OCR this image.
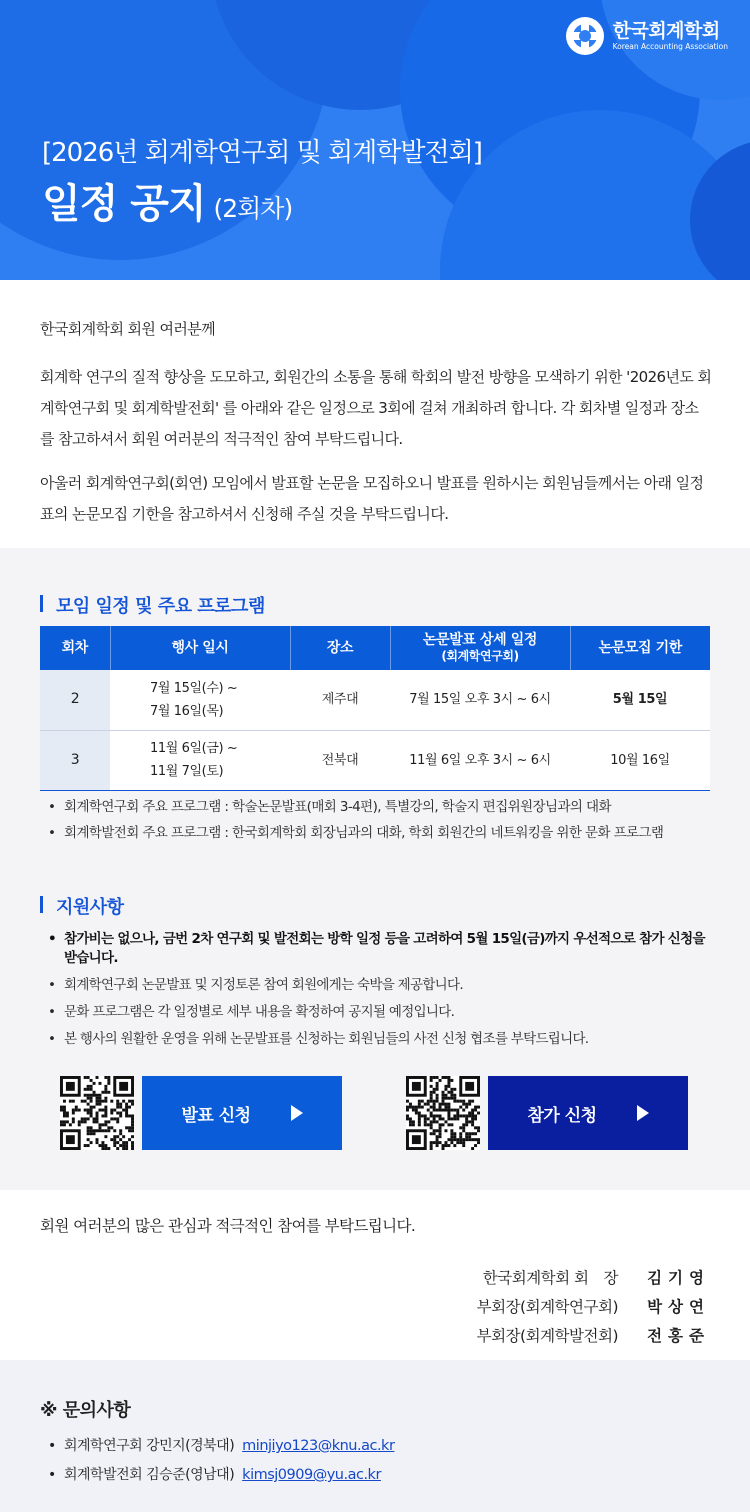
한국회계학회
Korean Accounting Association
[2026년 회계학연구회 및 회계학발전회]
일정 공지 (2회차)

한국회계학회 회원 여러분께

회계학 연구의 질적 향상을 도모하고, 회원간의 소통을 통해 학회의 발전 방향을 모색하기 위한 '2026년도 회계학연구회 및 회계학발전회' 를 아래와 같은 일정으로 3회에 걸쳐 개최하려 합니다. 각 회차별 일정과 장소를 참고하셔서 회원 여러분의 적극적인 참여 부탁드립니다.

아울러 회계학연구회(회연) 모임에서 발표할 논문을 모집하오니 발표를 원하시는 회원님들께서는 아래 일정표의 논문모집 기한을 참고하셔서 신청해 주실 것을 부탁드립니다.

모임 일정 및 주요 프로그램
회차	행사 일시	장소	논문발표 상세 일정
(회계학연구회)	논문모집 기한
2	7월 15일(수) ~
7월 16일(목)	제주대	7월 15일 오후 3시 ~ 6시	5월 15일
3	11월 6일(금) ~
11월 7일(토)	전북대	11월 6일 오후 3시 ~ 6시	10월 16일
• 회계학연구회 주요 프로그램 : 학술논문발표(매회 3-4편), 특별강의, 학술지 편집위원장님과의 대화
• 회계학발전회 주요 프로그램 : 한국회계학회 회장님과의 대화, 학회 회원간의 네트워킹을 위한 문화 프로그램
지원사항
• 참가비는 없으나, 금번 2차 연구회 및 발전회는 방학 일정 등을 고려하여 5월 15일(금)까지 우선적으로 참가 신청을 받습니다.
• 회계학연구회 논문발표 및 지정토론 참여 회원에게는 숙박을 제공합니다.
• 문화 프로그램은 각 일정별로 세부 내용을 확정하여 공지될 예정입니다.
• 본 행사의 원활한 운영을 위해 논문발표를 신청하는 회원님들의 사전 신청 협조를 부탁드립니다.
발표 신청	참가 신청
회원 여러분의 많은 관심과 적극적인 참여를 부탁드립니다.
한국회계학회 회　장	김기영
부회장(회계학연구회)	박상연
부회장(회계학발전회)	전홍준
※ 문의사항
• 회계학연구회 강민지(경북대) minjiyo123@knu.ac.kr
• 회계학발전회 김승준(영남대) kimsj0909@yu.ac.kr
